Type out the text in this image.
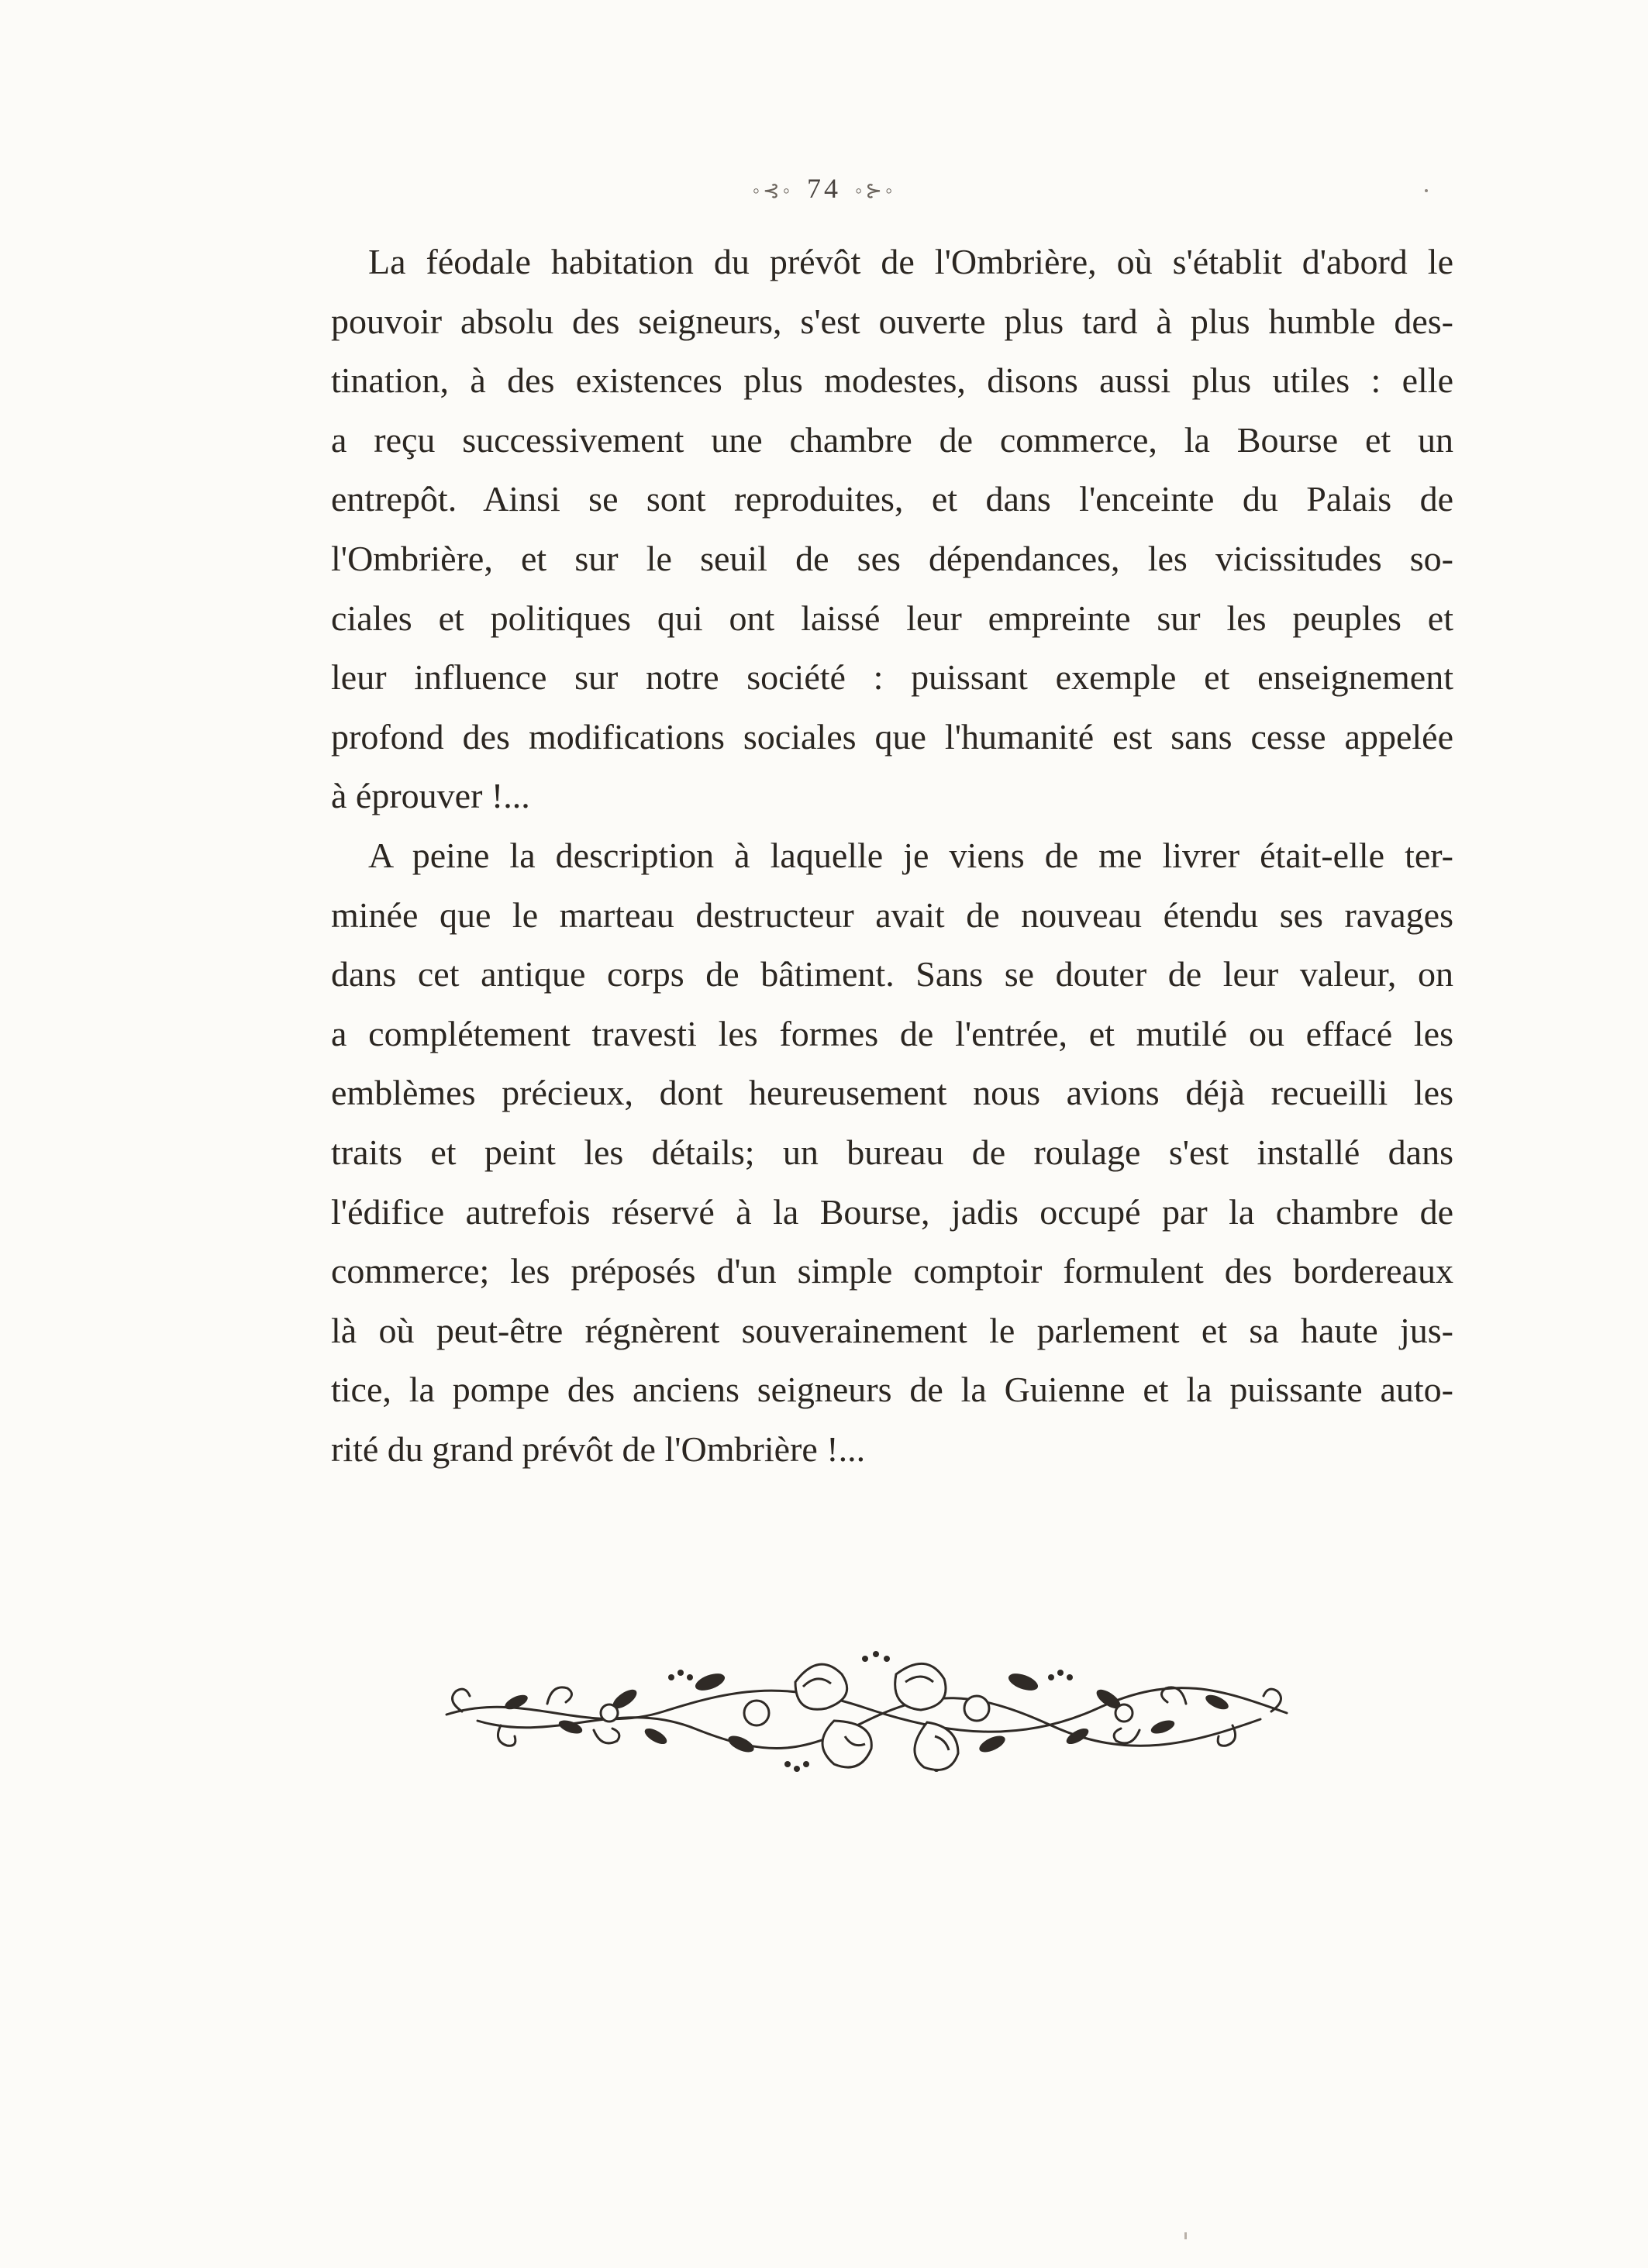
◦⊰◦ 74 ◦⊱◦

La féodale habitation du prévôt de l'Ombrière, où s'établit d'abord le
pouvoir absolu des seigneurs, s'est ouverte plus tard à plus humble des-
tination, à des existences plus modestes, disons aussi plus utiles : elle
a reçu successivement une chambre de commerce, la Bourse et un
entrepôt. Ainsi se sont reproduites, et dans l'enceinte du Palais de
l'Ombrière, et sur le seuil de ses dépendances, les vicissitudes so-
ciales et politiques qui ont laissé leur empreinte sur les peuples et
leur influence sur notre société : puissant exemple et enseignement
profond des modifications sociales que l'humanité est sans cesse appelée
à éprouver !...

A peine la description à laquelle je viens de me livrer était-elle ter-
minée que le marteau destructeur avait de nouveau étendu ses ravages
dans cet antique corps de bâtiment. Sans se douter de leur valeur, on
a complétement travesti les formes de l'entrée, et mutilé ou effacé les
emblèmes précieux, dont heureusement nous avions déjà recueilli les
traits et peint les détails; un bureau de roulage s'est installé dans
l'édifice autrefois réservé à la Bourse, jadis occupé par la chambre de
commerce; les préposés d'un simple comptoir formulent des bordereaux
là où peut-être régnèrent souverainement le parlement et sa haute jus-
tice, la pompe des anciens seigneurs de la Guienne et la puissante auto-
rité du grand prévôt de l'Ombrière !...
